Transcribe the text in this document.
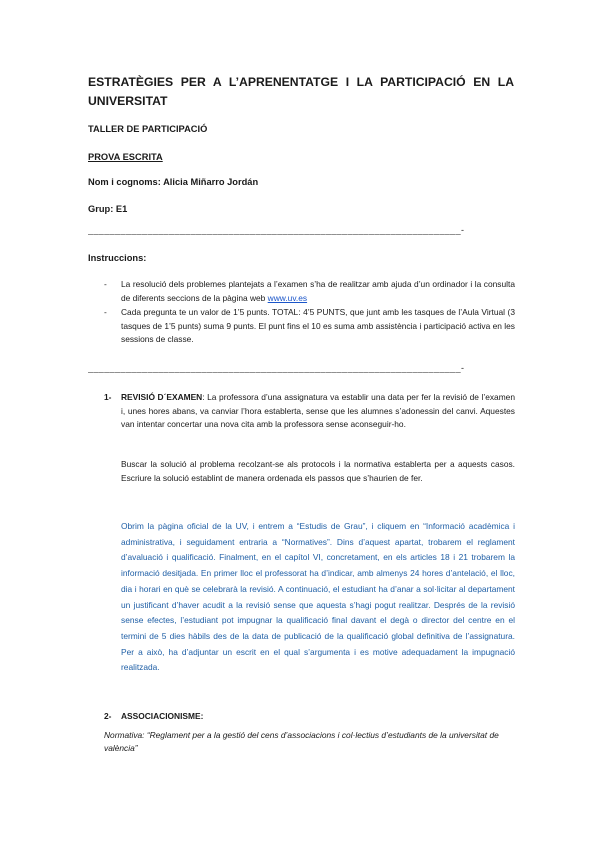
ESTRATÈGIES PER A L’APRENENTATGE I LA PARTICIPACIÓ EN LA
UNIVERSITAT
TALLER DE PARTICIPACIÓ
PROVA ESCRITA
Nom i cognoms: Alicia Miñarro Jordán
Grup: E1
_____________________________________________________________________-
Instruccions:
-	La resolució dels problemes plantejats a l’examen s’ha de realitzar amb ajuda d’un ordinador i la consulta de diferents seccions de la pàgina web www.uv.es
-	Cada pregunta te un valor de 1’5 punts. TOTAL: 4’5 PUNTS, que junt amb les tasques de l’Aula Virtual (3 tasques de 1’5 punts) suma 9 punts. El punt fins el 10 es suma amb assistència i participació activa en les sessions de classe.
_____________________________________________________________________-
1- REVISIÓ D´EXAMEN: La professora d’una assignatura va establir una data per fer la revisió de l’examen i, unes hores abans, va canviar l’hora establerta, sense que les alumnes s’adonessin del canvi. Aquestes van intentar concertar una nova cita amb la professora sense aconseguir-ho.
Buscar la solució al problema recolzant-se als protocols i la normativa establerta per a aquests casos. Escriure la solució establint de manera ordenada els passos que s’haurien de fer.
Obrim la pàgina oficial de la UV, i entrem a “Estudis de Grau”, i cliquem en “Informació acadèmica i administrativa, i seguidament entraria a “Normatives”. Dins d’aquest apartat, trobarem el reglament d’avaluació i qualificació. Finalment, en el capítol VI, concretament, en els articles 18 i 21 trobarem la informació desitjada. En primer lloc el professorat ha d’indicar, amb almenys 24 hores d’antelació, el lloc, dia i horari en què se celebrarà la revisió. A continuació, el estudiant ha d’anar a sol·licitar al departament un justificant d’haver acudit a la revisió sense que aquesta s’hagi pogut realitzar. Després de la revisió sense efectes, l’estudiant pot impugnar la qualificació final davant el degà o director del centre en el termini de 5 dies hàbils des de la data de publicació de la qualificació global definitiva de l’assignatura. Per a això, ha d’adjuntar un escrit en el qual s’argumenta i es motive adequadament la impugnació realitzada.
2- ASSOCIACIONISME:
Normativa: “Reglament per a la gestió del cens d’associacions i col·lectius d’estudiants de la universitat de valència”
